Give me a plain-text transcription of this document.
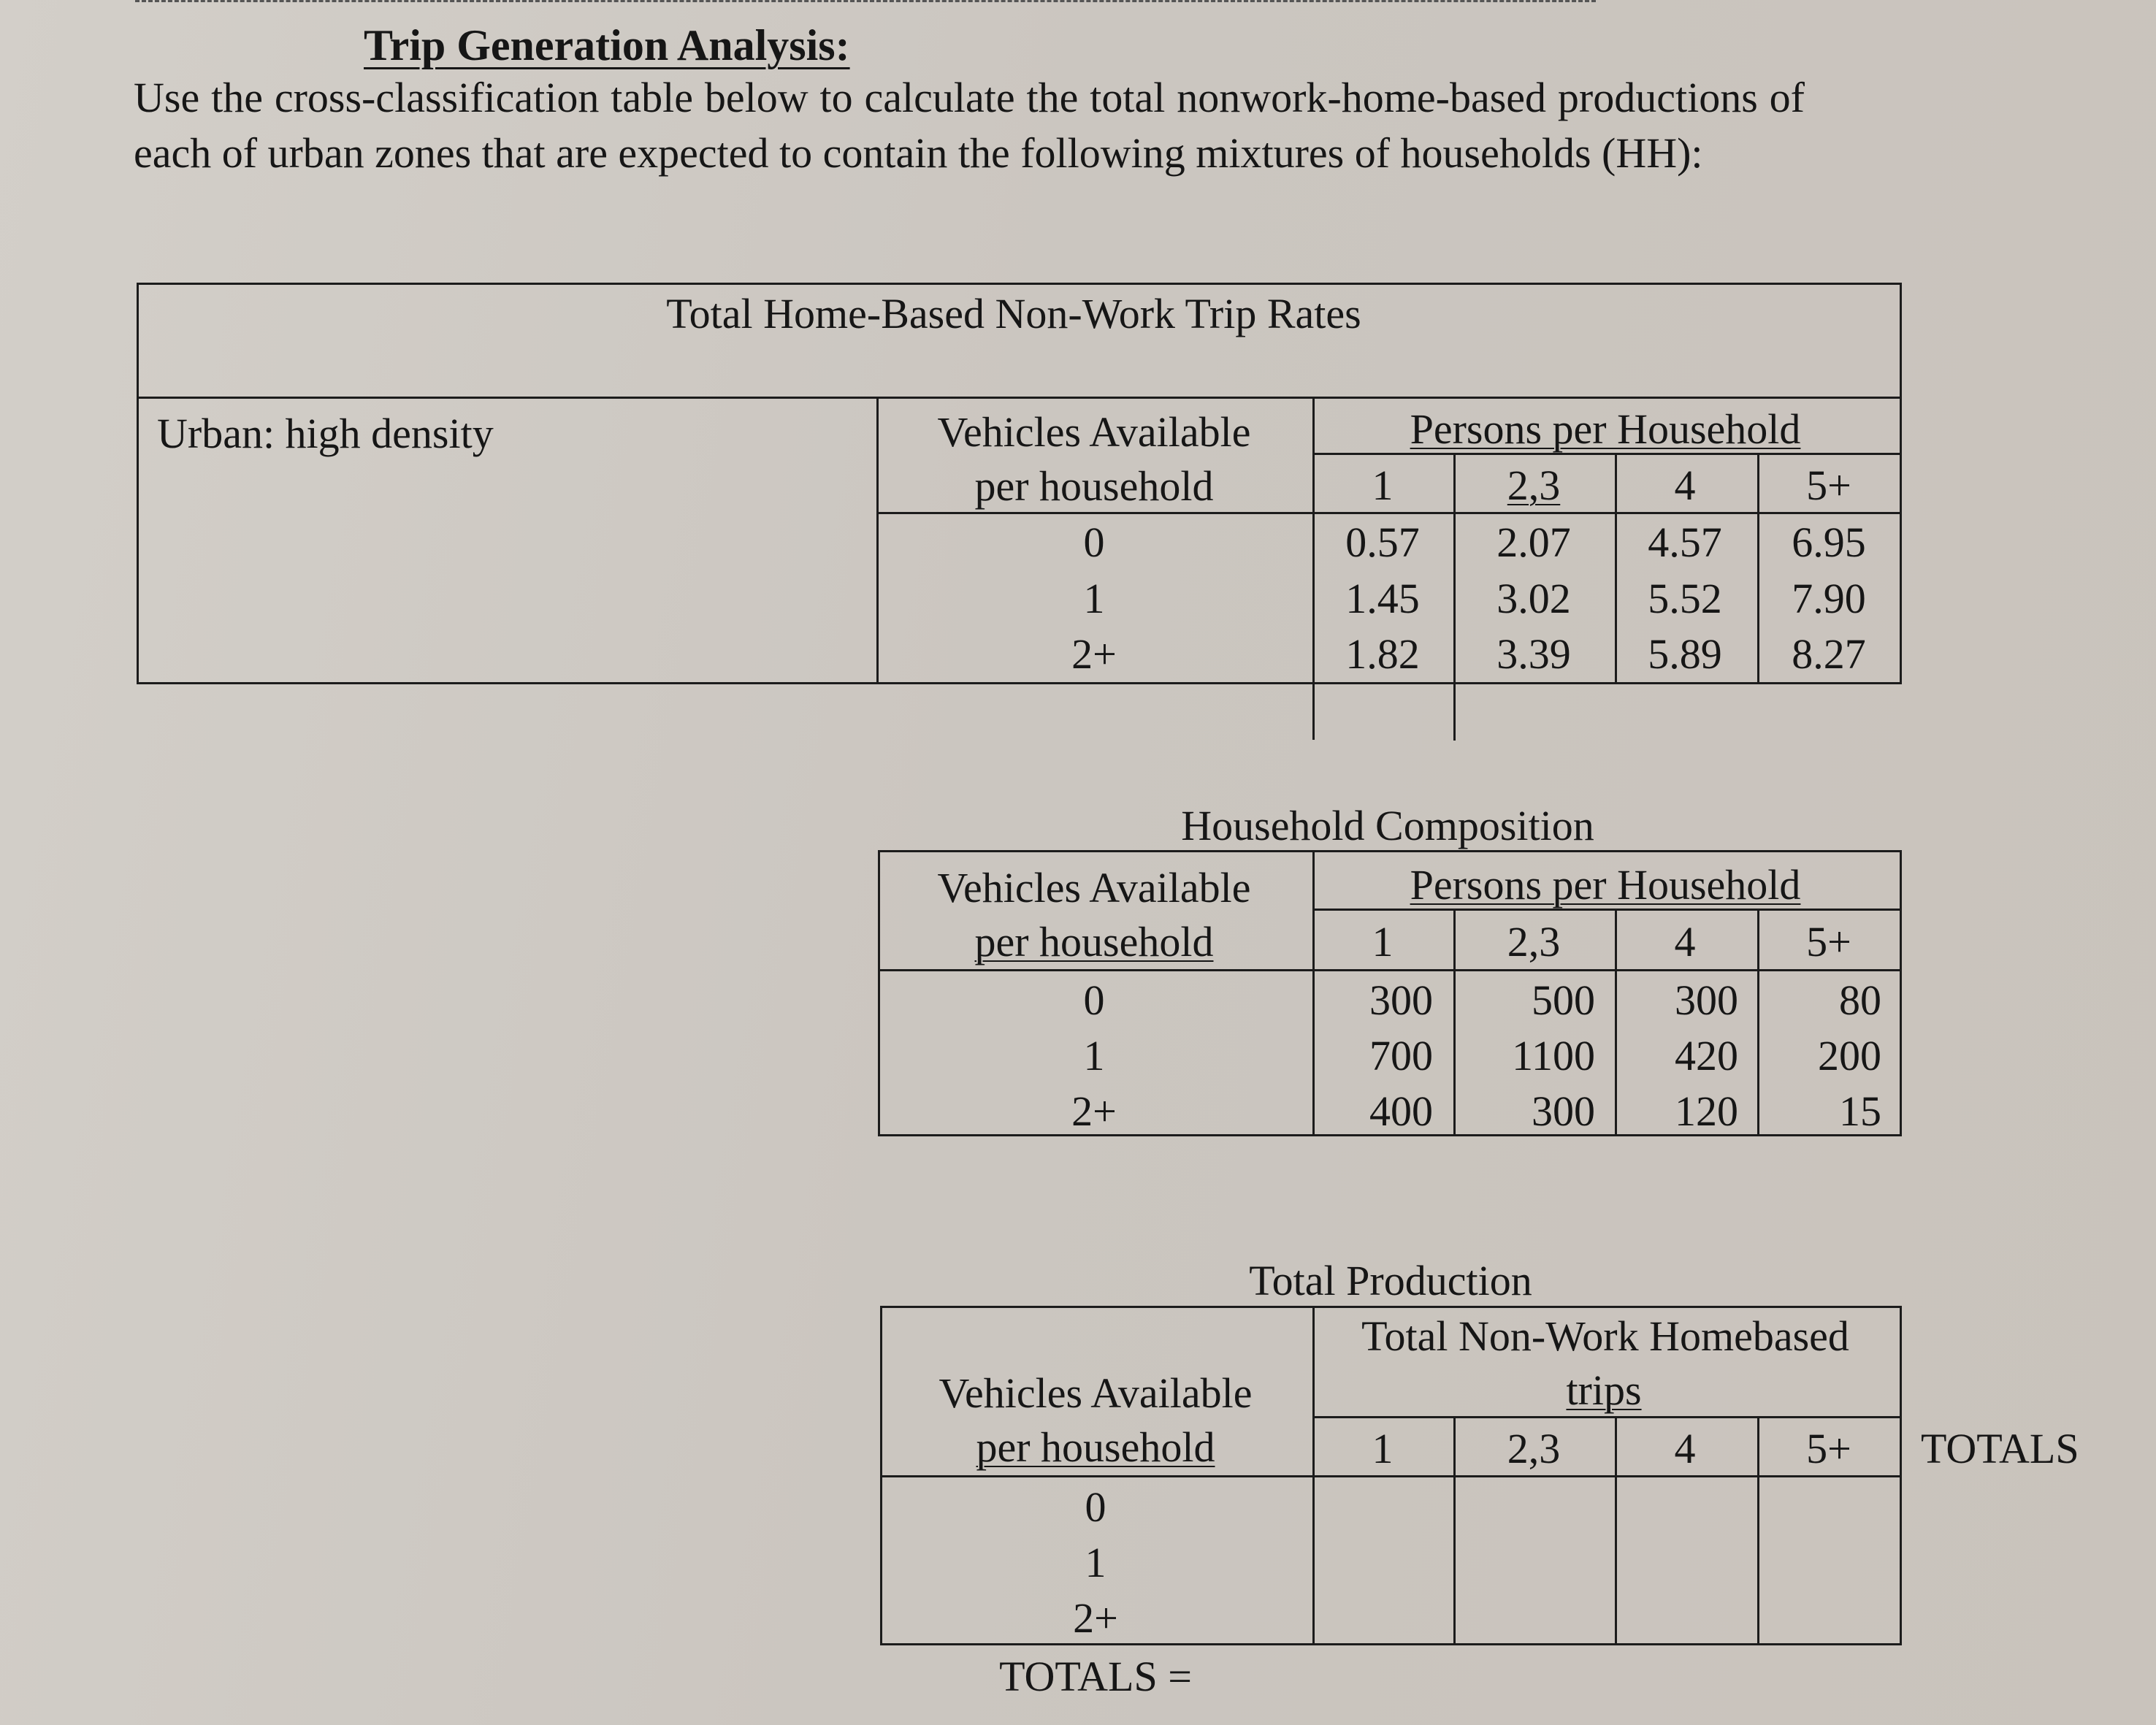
Trip Generation Analysis:
Use the cross-classification table below to calculate the total nonwork-home-based productions of each of urban zones that are expected to contain the following mixtures of households (HH):
Total Home-Based Non-Work Trip Rates
Urban: high density	Vehicles Available
per household
Persons per Household
1	2,3	4	5+
0	0.57 2.07 4.57 6.95
1	1.45 3.02 5.52 7.90
2+	1.82 3.39 5.89 8.27
Household Composition
Vehicles Available
per household
Persons per Household
1	2,3	4	5+
0	300 500 300 80
1	700 1100 420 200
2+	400 300 120 15
Total Production
Total Non-Work Homebased
trips
Vehicles Available
per household	1	2,3	4	5+ TOTALS
0
1
2+
TOTALS =
